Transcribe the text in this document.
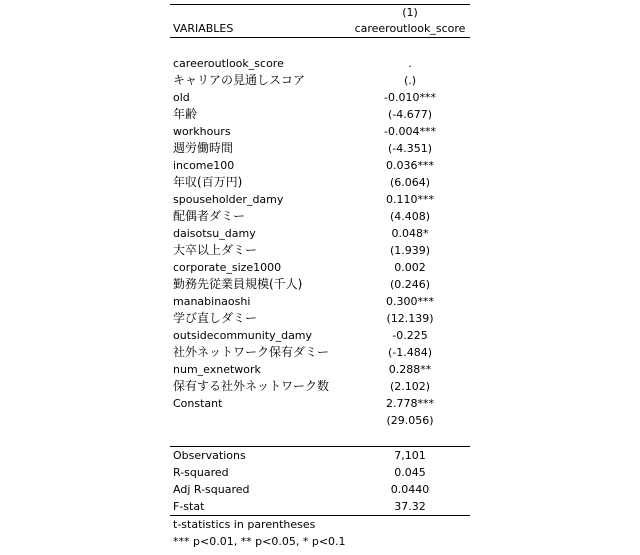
(1)
VARIABLES	careeroutlook_score
careeroutlook_score	.
キャリアの見通しスコア	(.)
old	-0.010***
年齢	(-4.677)
workhours	-0.004***
週労働時間	(-4.351)
income100	0.036***
年収(百万円)	(6.064)
spouseholder_damy	0.110***
配偶者ダミー	(4.408)
daisotsu_damy	0.048*
大卒以上ダミー	(1.939)
corporate_size1000	0.002
勤務先従業員規模(千人)	(0.246)
manabinaoshi	0.300***
学び直しダミー	(12.139)
outsidecommunity_damy	-0.225
社外ネットワーク保有ダミー	(-1.484)
num_exnetwork	0.288**
保有する社外ネットワーク数	(2.102)
Constant	2.778***
(29.056)
Observations	7,101
R-squared	0.045
Adj R-squared	0.0440
F-stat	37.32
t-statistics in parentheses
*** p<0.01, ** p<0.05, * p<0.1
